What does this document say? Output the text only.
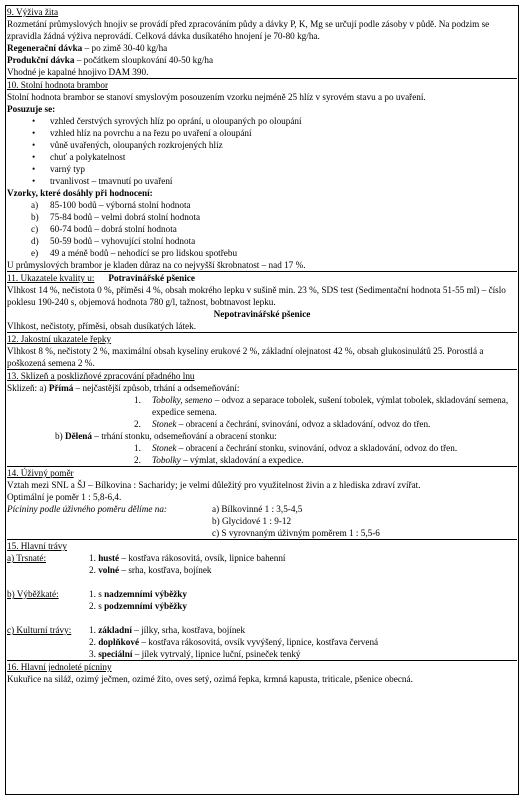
9. Výživa žita

Rozmetání průmyslových hnojiv se provádí před zpracováním půdy a dávky P, K, Mg se určují podle zásoby v půdě. Na podzim se zpravidla žádná výživa neprovádí. Celková dávka dusíkatého hnojení je 70-80 kg/ha.

Regenerační dávka – po zimě 30-40 kg/ha

Produkční dávka – počátkem sloupkování 40-50 kg/ha

Vhodné je kapalné hnojivo DAM 390.

10. Stolní hodnota brambor

Stolní hodnota brambor se stanoví smyslovým posouzením vzorku nejméně 25 hlíz v syrovém stavu a po uvaření.

Posuzuje se:

• vzhled čerstvých syrových hlíz po oprání, u oloupaných po oloupání
• vzhled hlíz na povrchu a na řezu po uvaření a oloupání
• vůně uvařených, oloupaných rozkrojených hlíz
• chuť a polykatelnost
• varný typ
• trvanlivost – tmavnutí po uvaření

Vzorky, které dosáhly při hodnocení:

a) 85-100 bodů – výborná stolní hodnota
b) 75-84 bodů – velmi dobrá stolní hodnota
c) 60-74 bodů – dobrá stolní hodnota
d) 50-59 bodů – vyhovující stolní hodnota
e) 49 a méně bodů – nehodící se pro lidskou spotřebu

U průmyslových brambor je kladen důraz na co nejvyšší škrobnatost – nad 17 %.

11. Ukazatele kvality u: Potravinářské pšenice

Vlhkost 14 %, nečistota 0 %, příměsi 4 %, obsah mokrého lepku v sušině min. 23 %, SDS test (Sedimentační hodnota 51-55 ml) – číslo poklesu 190-240 s, objemová hodnota 780 g/l, tažnost, bobtnavost lepku.

Nepotravinářské pšenice

Vlhkost, nečistoty, příměsi, obsah dusíkatých látek.

12. Jakostní ukazatele řepky

Vlhkost 8 %, nečistoty 2 %, maximální obsah kyseliny erukové 2 %, základní olejnatost 42 %, obsah glukosinulátů 25. Porostlá a poškozená semena 2 %.

13. Sklizeň a posklizňové zpracování přadného lnu

Sklizeň: a) Přímá – nejčastější způsob, trhání a odsemeňování:

1. Tobolky, semeno – odvoz a separace tobolek, sušení tobolek, výmlat tobolek, skladování semena, expedice semena.

2. Stonek – obracení a čechrání, svinování, odvoz a skladování, odvoz do třen.

b) Dělená – trhání stonku, odsemeňování a obracení stonku:

1. Stonek – obracení a čechrání stonku, svinování, odvoz a skladování, odvoz do třen.

2. Tobolky – výmlat, skladování a expedice.

14. Úživný poměr

Vztah mezi SNL a ŠJ – Bílkovina : Sacharidy; je velmi důležitý pro využitelnost živin a z hlediska zdraví zvířat.

Optimální je poměr 1 : 5,8-6,4.

Pícininy podle úživného poměru dělíme na:	a) Bílkovinné 1 : 3,5-4,5
b) Glycidové 1 : 9-12
c) S vyrovnaným úživným poměrem 1 : 5,5-6

15. Hlavní trávy

a) Trsnaté:	1. husté – kostřava rákosovitá, ovsík, lipnice bahenní
2. volné – srha, kostřava, bojínek
b) Výběžkaté:	1. s nadzemními výběžky
2. s podzemními výběžky
c) Kulturní trávy:	1. základní – jílky, srha, kostřava, bojínek
2. doplňkové – kostřava rákosovitá, ovsík vyvýšený, lipnice, kostřava červená
3. speciální – jílek vytrvalý, lipnice luční, psineček tenký

16. Hlavní jednoleté pícniny

Kukuřice na siláž, ozimý ječmen, ozimé žito, oves setý, ozimá řepka, krmná kapusta, triticale, pšenice obecná.
